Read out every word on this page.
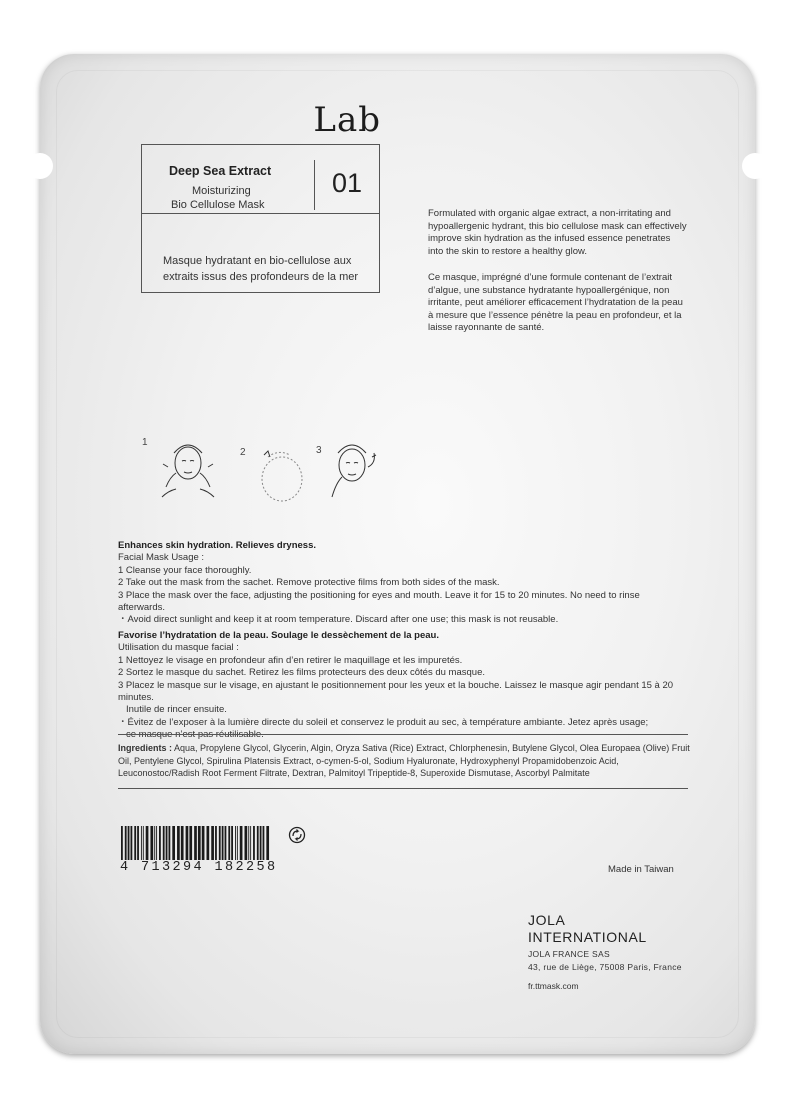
Lab
Deep Sea Extract
Moisturizing
Bio Cellulose Mask
01
Masque hydratant en bio-cellulose aux
extraits issus des profondeurs de la mer

Formulated with organic algae extract, a non-irritating and hypoallergenic hydrant, this bio cellulose mask can effectively improve skin hydration as the infused essence penetrates into the skin to restore a healthy glow.

Ce masque, imprégné d’une formule contenant de l’extrait d’algue, une substance hydratante hypoallergénique, non irritante, peut améliorer efficacement l’hydratation de la peau à mesure que l’essence pénètre la peau en profondeur, et la laisse rayonnante de santé.

1
2	3
Enhances skin hydration. Relieves dryness.
Facial Mask Usage :
1 Cleanse your face thoroughly.
2 Take out the mask from the sachet. Remove protective films from both sides of the mask.
3 Place the mask over the face, adjusting the positioning for eyes and mouth. Leave it for 15 to 20 minutes. No need to rinse afterwards.
・Avoid direct sunlight and keep it at room temperature. Discard after one use; this mask is not reusable.
Favorise l’hydratation de la peau. Soulage le dessèchement de la peau.
Utilisation du masque facial :
1 Nettoyez le visage en profondeur afin d’en retirer le maquillage et les impuretés.
2 Sortez le masque du sachet. Retirez les films protecteurs des deux côtés du masque.
3 Placez le masque sur le visage, en ajustant le positionnement pour les yeux et la bouche. Laissez le masque agir pendant 15 à 20 minutes.
Inutile de rincer ensuite.
・Évitez de l’exposer à la lumière directe du soleil et conservez le produit au sec, à température ambiante. Jetez après usage;
Ingredients : Aqua, Propylene Glycol, Glycerin, Algin, Oryza Sativa (Rice) Extract, Chlorphenesin, Butylene Glycol, Olea Europaea (Olive) Fruit Oil, Pentylene Glycol, Spirulina Platensis Extract, o-cymen-5-ol, Sodium Hyaluronate, Hydroxyphenyl Propamidobenzoic Acid, Leuconostoc/Radish Root Ferment Filtrate, Dextran, Palmitoyl Tripeptide-8, Superoxide Dismutase, Ascorbyl Palmitate
4 713294 182258	Made in Taiwan
JOLA
INTERNATIONAL
JOLA FRANCE SAS
43, rue de Liège, 75008 Paris, France
fr.ttmask.com
